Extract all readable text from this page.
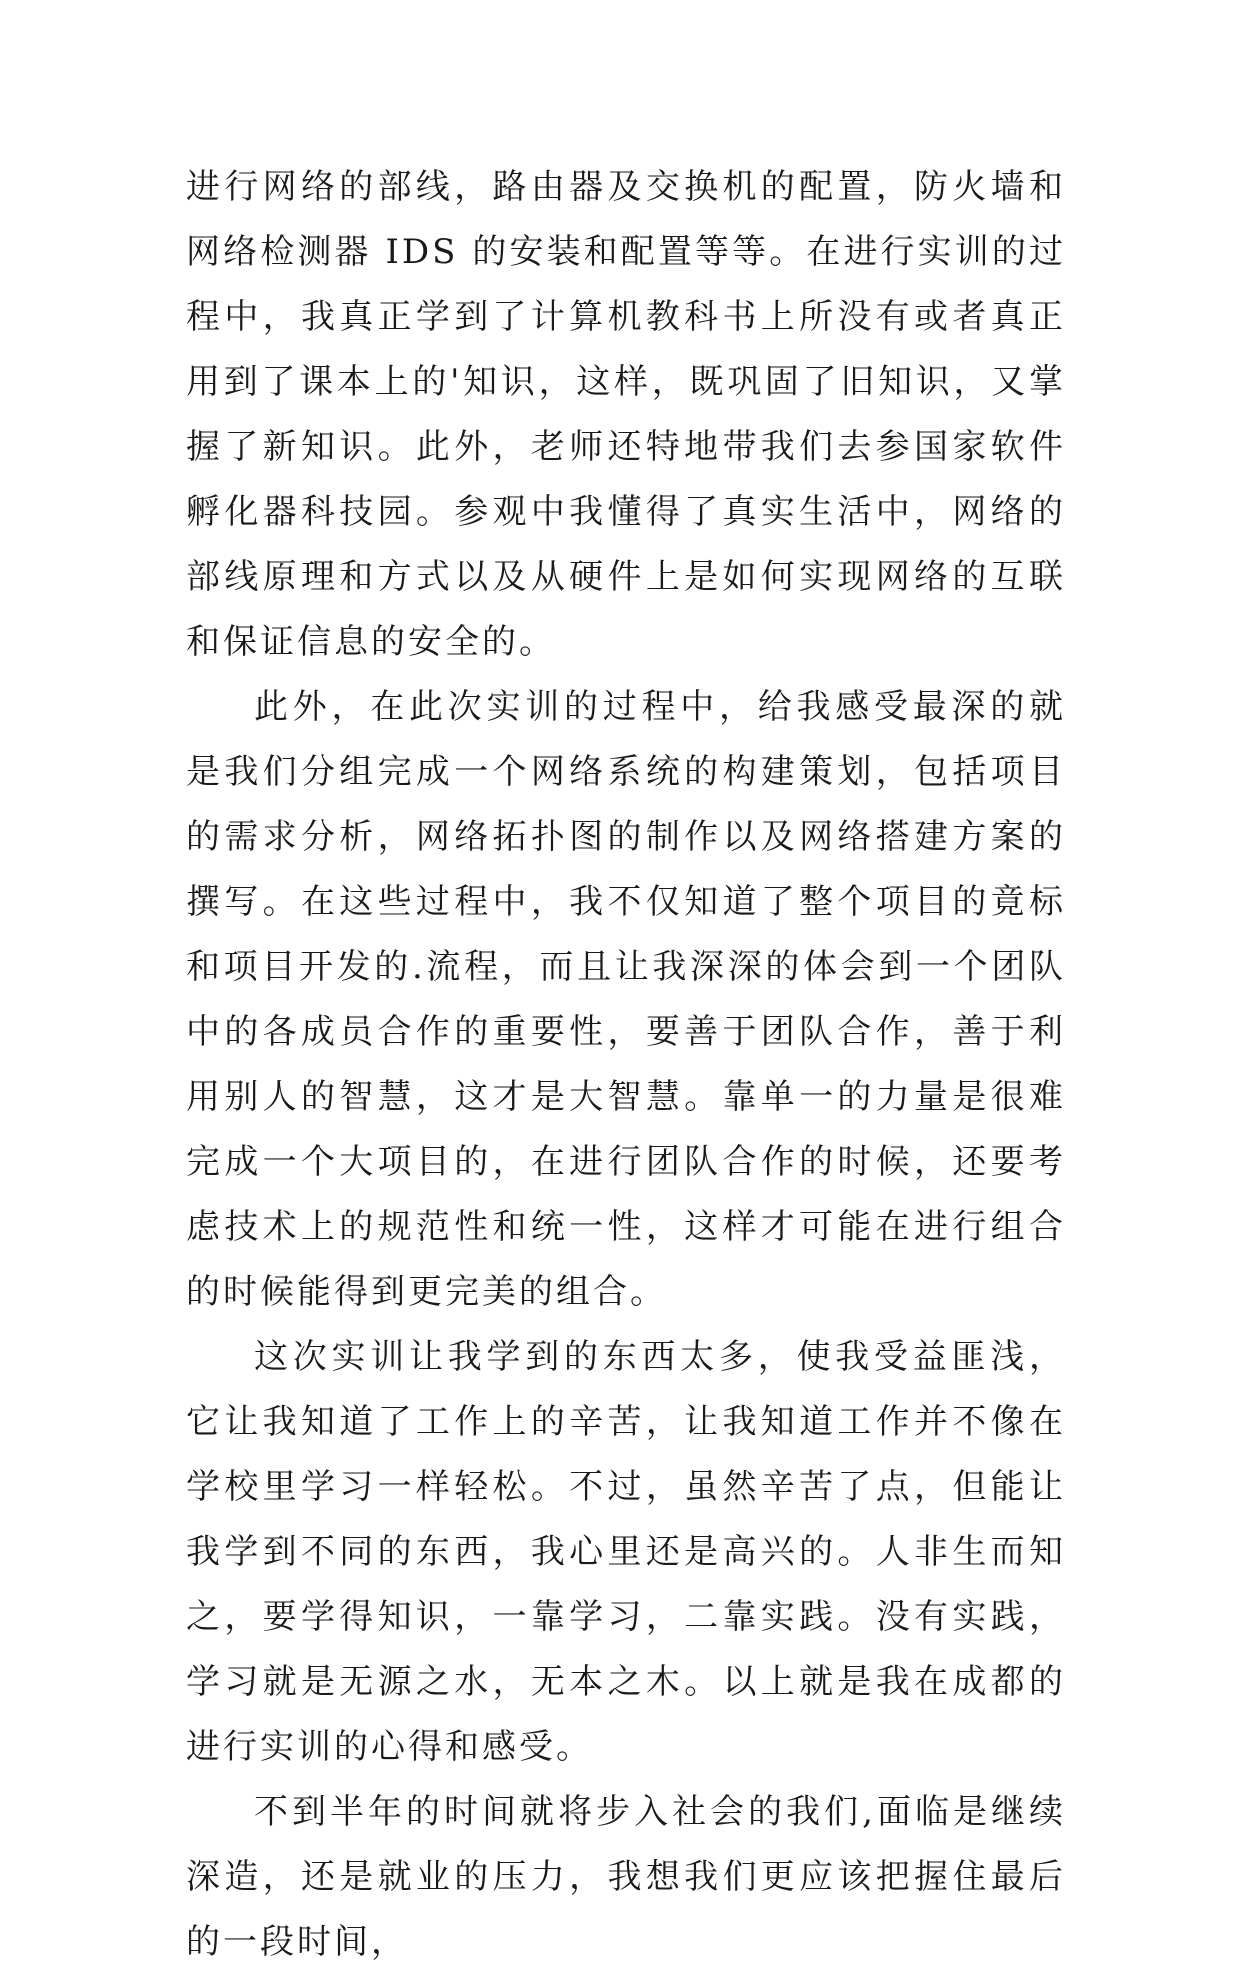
进行网络的部线，路由器及交换机的配置，防火墙和网络检测器 IDS 的安装和配置等等。在进行实训的过程中，我真正学到了计算机教科书上所没有或者真正用到了课本上的'知识，这样，既巩固了旧知识，又掌握了新知识。此外，老师还特地带我们去参国家软件孵化器科技园。参观中我懂得了真实生活中，网络的部线原理和方式以及从硬件上是如何实现网络的互联和保证信息的安全的。

此外，在此次实训的过程中，给我感受最深的就是我们分组完成一个网络系统的构建策划，包括项目的需求分析，网络拓扑图的制作以及网络搭建方案的撰写。在这些过程中，我不仅知道了整个项目的竟标和项目开发的.流程，而且让我深深的体会到一个团队中的各成员合作的重要性，要善于团队合作，善于利用别人的智慧，这才是大智慧。靠单一的力量是很难完成一个大项目的，在进行团队合作的时候，还要考虑技术上的规范性和统一性，这样才可能在进行组合的时候能得到更完美的组合。

这次实训让我学到的东西太多，使我受益匪浅，它让我知道了工作上的辛苦，让我知道工作并不像在学校里学习一样轻松。不过，虽然辛苦了点，但能让我学到不同的东西，我心里还是高兴的。人非生而知之，要学得知识，一靠学习，二靠实践。没有实践，学习就是无源之水，无本之木。以上就是我在成都的进行实训的心得和感受。

不到半年的时间就将步入社会的我们,面临是继续深造，还是就业的压力，我想我们更应该把握住最后的一段时间，
